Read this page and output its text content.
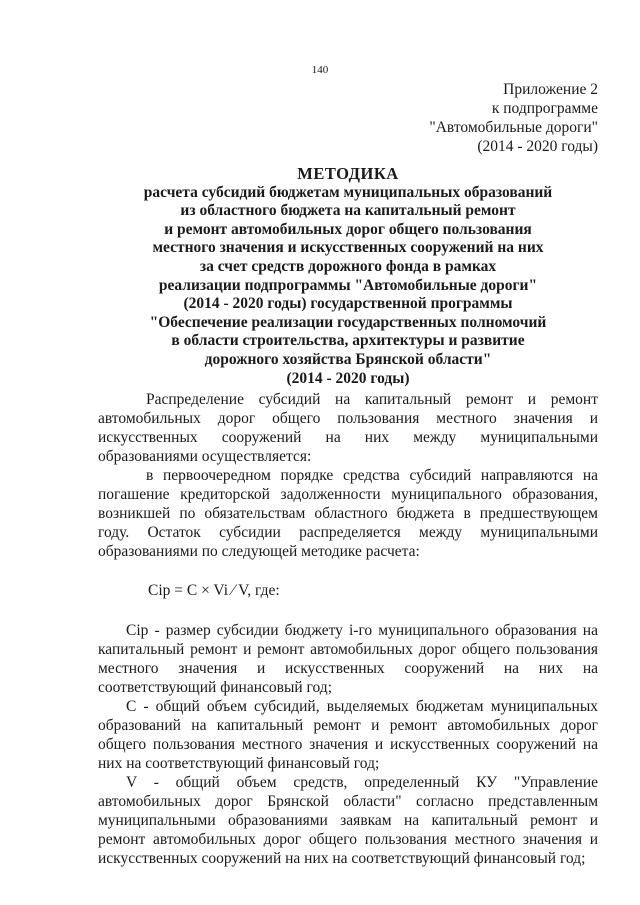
140
Приложение 2
к подпрограмме
"Автомобильные дороги"
(2014 - 2020 годы)
МЕТОДИКА
расчета субсидий бюджетам муниципальных образований
из областного бюджета на капитальный ремонт
и ремонт автомобильных дорог общего пользования
местного значения и искусственных сооружений на них
за счет средств дорожного фонда в рамках
реализации подпрограммы "Автомобильные дороги"
(2014 - 2020 годы) государственной программы
"Обеспечение реализации государственных полномочий
в области строительства, архитектуры и развитие
дорожного хозяйства Брянской области"
(2014 - 2020 годы)

Распределение субсидий на капитальный ремонт и ремонт автомобильных дорог общего пользования местного значения и искусственных сооружений на них между муниципальными образованиями осуществляется:

в первоочередном порядке средства субсидий направляются на погашение кредиторской задолженности муниципального образования, возникшей по обязательствам областного бюджета в предшествующем году. Остаток субсидии распределяется между муниципальными образованиями по следующей методике расчета:

Cip = C × Vi ⁄ V, где:

Cip - размер субсидии бюджету i-го муниципального образования на капитальный ремонт и ремонт автомобильных дорог общего пользования местного значения и искусственных сооружений на них на соответствующий финансовый год;

C - общий объем субсидий, выделяемых бюджетам муниципальных образований на капитальный ремонт и ремонт автомобильных дорог общего пользования местного значения и искусственных сооружений на них на соответствующий финансовый год;

V - общий объем средств, определенный КУ "Управление автомобильных дорог Брянской области" согласно представленным муниципальными образованиями заявкам на капитальный ремонт и ремонт автомобильных дорог общего пользования местного значения и искусственных сооружений на них на соответствующий финансовый год;
